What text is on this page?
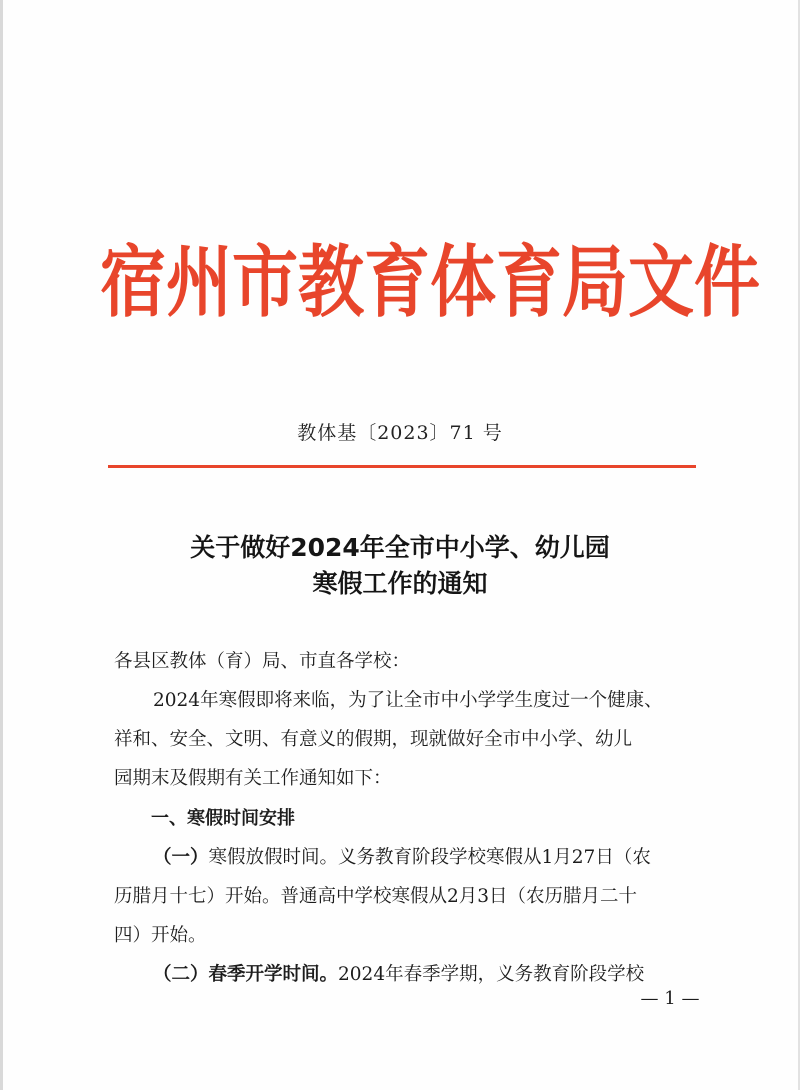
宿州市教育体育局文件
教体基〔2023〕71 号
关于做好2024年全市中小学、幼儿园
寒假工作的通知
各县区教体（育）局、市直各学校：
2024年寒假即将来临，为了让全市中小学学生度过一个健康、
祥和、安全、文明、有意义的假期，现就做好全市中小学、幼儿
园期末及假期有关工作通知如下：
一、寒假时间安排
（一）寒假放假时间。义务教育阶段学校寒假从1月27日（农
历腊月十七）开始。普通高中学校寒假从2月3日（农历腊月二十
四）开始。
（二）春季开学时间。2024年春季学期，义务教育阶段学校
— 1 —
